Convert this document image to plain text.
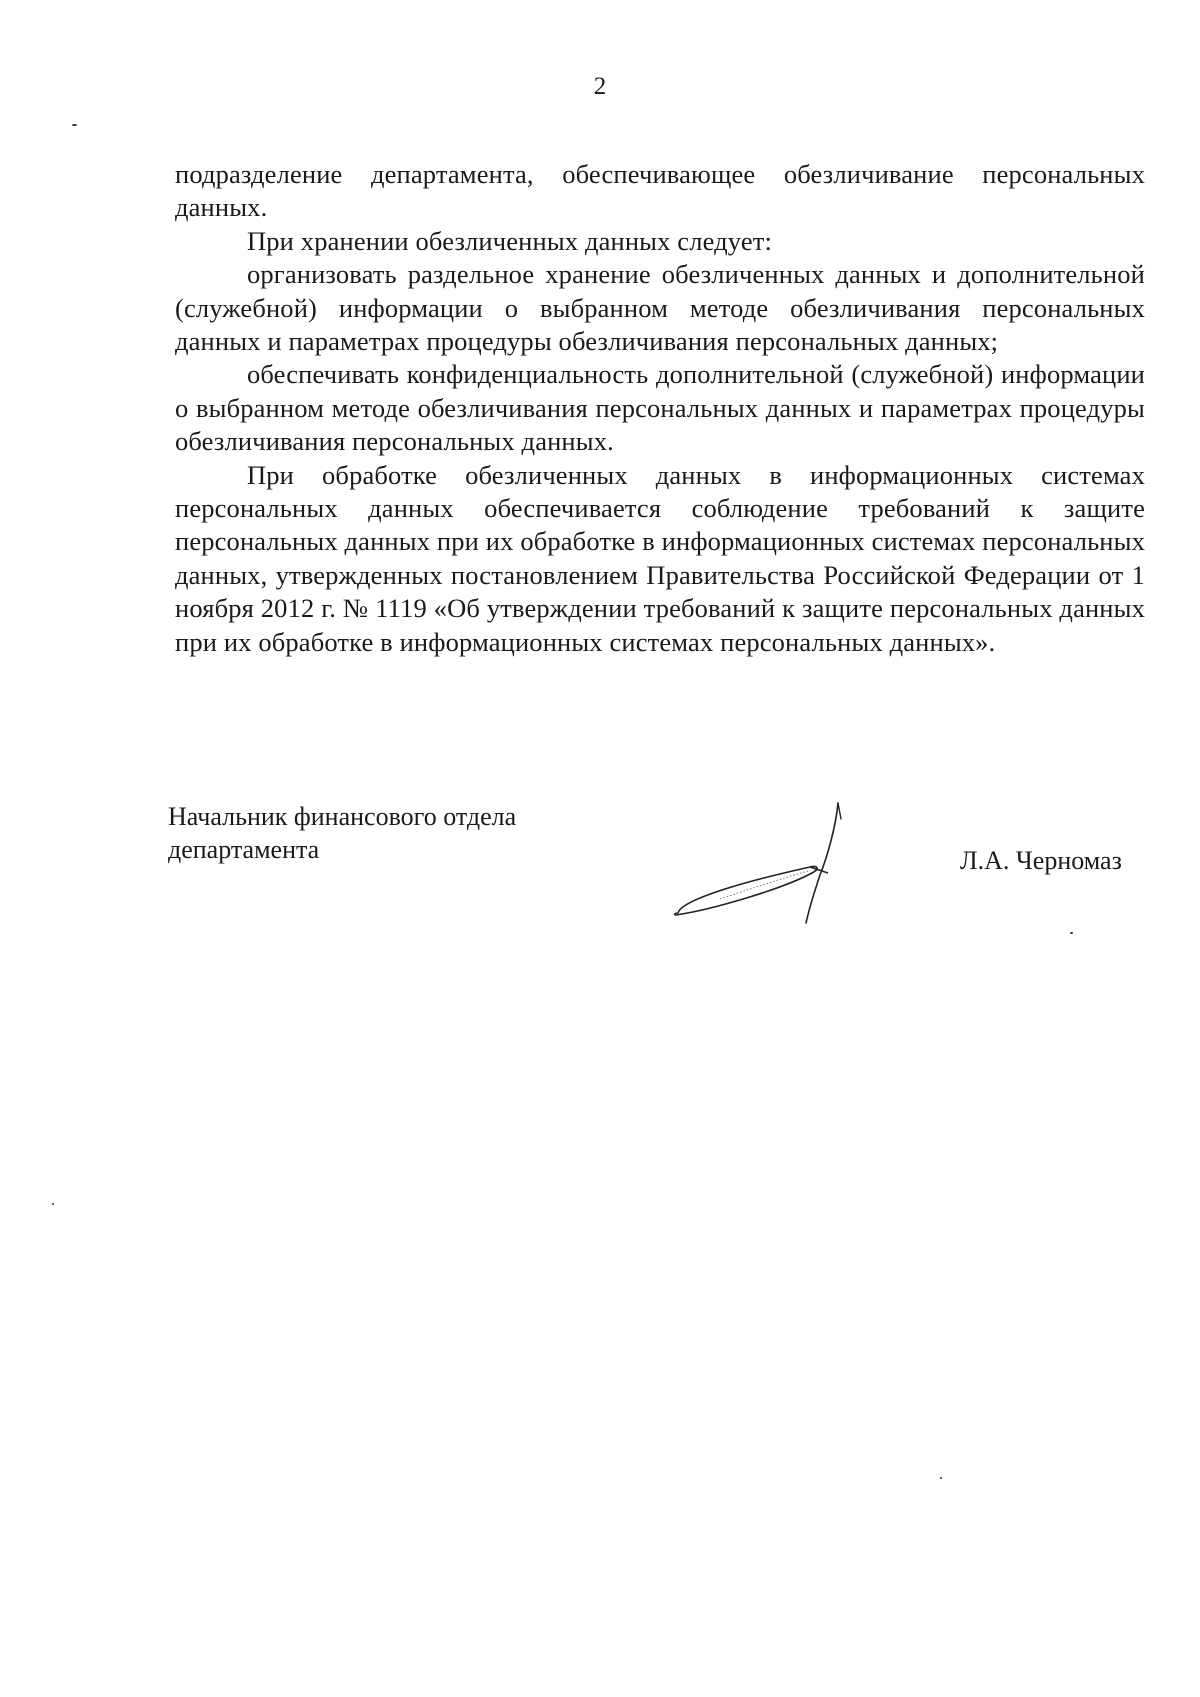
2

подразделение департамента, обеспечивающее обезличивание персональных данных.

При хранении обезличенных данных следует:

организовать раздельное хранение обезличенных данных и дополнительной (служебной) информации о выбранном методе обезличивания персональных данных и параметрах процедуры обезличивания персональных данных;

обеспечивать конфиденциальность дополнительной (служебной) информации о выбранном методе обезличивания персональных данных и параметрах процедуры обезличивания персональных данных.

При обработке обезличенных данных в информационных системах персональных данных обеспечивается соблюдение требований к защите персональных данных при их обработке в информационных системах персональных данных, утвержденных постановлением Правительства Российской Федерации от 1 ноября 2012 г. № 1119 «Об утверждении требований к защите персональных данных при их обработке в информационных системах персональных данных».

Начальник финансового отдела
департамента	Л.А. Черномаз
